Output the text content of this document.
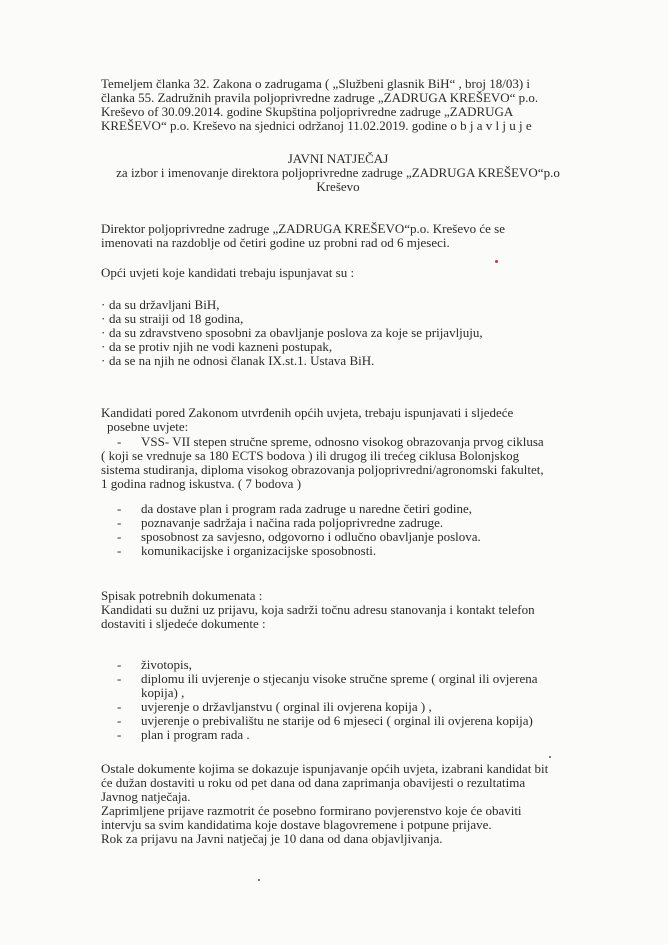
Temeljem članka 32. Zakona o zadrugama ( „Službeni glasnik BiH“ , broj 18/03) i
članka 55. Zadružnih pravila poljoprivredne zadruge „ZADRUGA KREŠEVO“ p.o.
Kreševo of 30.09.2014. godine Skupština poljoprivredne zadruge „ZADRUGA
KREŠEVO“ p.o. Kreševo na sjednici održanoj 11.02.2019. godine o b j a v l j u j e
JAVNI NATJEČAJ
za izbor i imenovanje direktora poljoprivredne zadruge „ZADRUGA KREŠEVO“p.o
Kreševo
Direktor poljoprivredne zadruge „ZADRUGA KREŠEVO“p.o. Kreševo će se
imenovati na razdoblje od četiri godine uz probni rad od 6 mjeseci.
Opći uvjeti koje kandidati trebaju ispunjavat su :
· da su državljani BiH,
· da su straiji od 18 godina,
· da su zdravstveno sposobni za obavljanje poslova za koje se prijavljuju,
· da se protiv njih ne vodi kazneni postupak,
· da se na njih ne odnosi članak IX.st.1. Ustava BiH.
Kandidati pored Zakonom utvrđenih općih uvjeta, trebaju ispunjavati i sljedeće
posebne uvjete:
- VSS- VII stepen stručne spreme, odnosno visokog obrazovanja prvog ciklusa
( koji se vrednuje sa 180 ECTS bodova ) ili drugog ili trećeg ciklusa Bolonjskog
sistema studiranja, diploma visokog obrazovanja poljoprivredni/agronomski fakultet,
1 godina radnog iskustva. ( 7 bodova )
- da dostave plan i program rada zadruge u naredne četiri godine,
- poznavanje sadržaja i načina rada poljoprivredne zadruge.
- sposobnost za savjesno, odgovorno i odlučno obavljanje poslova.
- komunikacijske i organizacijske sposobnosti.
Spisak potrebnih dokumenata :
Kandidati su dužni uz prijavu, koja sadrži točnu adresu stanovanja i kontakt telefon
dostaviti i sljedeće dokumente :
- životopis,
- diplomu ili uvjerenje o stjecanju visoke stručne spreme ( orginal ili ovjerena
kopija) ,
- uvjerenje o državljanstvu ( orginal ili ovjerena kopija ) ,
- uvjerenje o prebivalištu ne starije od 6 mjeseci ( orginal ili ovjerena kopija)
- plan i program rada .
Ostale dokumente kojima se dokazuje ispunjavanje općih uvjeta, izabrani kandidat bit
će dužan dostaviti u roku od pet dana od dana zaprimanja obavijesti o rezultatima
Javnog natječaja.
Zaprimljene prijave razmotrit će posebno formirano povjerenstvo koje će obaviti
intervju sa svim kandidatima koje dostave blagovremene i potpune prijave.
Rok za prijavu na Javni natječaj je 10 dana od dana objavljivanja.
